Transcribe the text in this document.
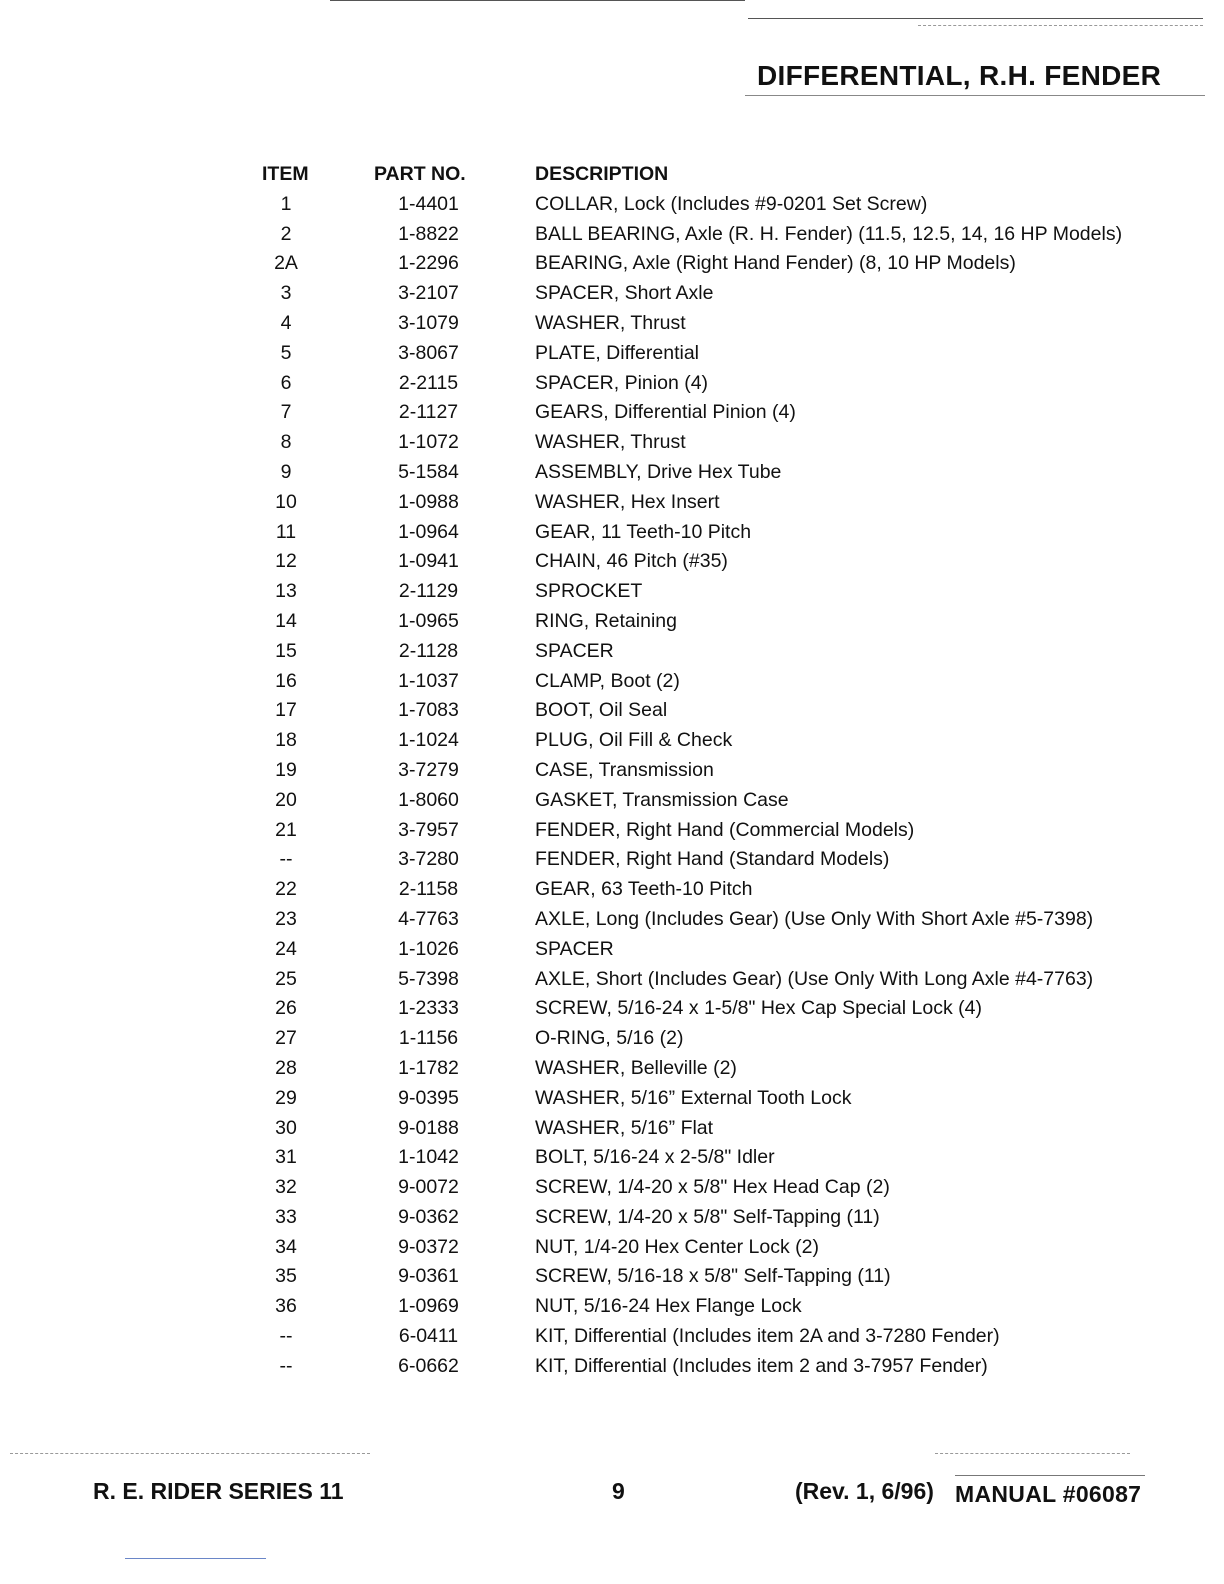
DIFFERENTIAL, R.H. FENDER
ITEM	PART NO.	DESCRIPTION
1	1-4401	COLLAR, Lock (Includes #9-0201 Set Screw)
2	1-8822	BALL BEARING, Axle (R. H. Fender) (11.5, 12.5, 14, 16 HP Models)
2A	1-2296	BEARING, Axle (Right Hand Fender) (8, 10 HP Models)
3	3-2107	SPACER, Short Axle
4	3-1079	WASHER, Thrust
5	3-8067	PLATE, Differential
6	2-2115	SPACER, Pinion (4)
7	2-1127	GEARS, Differential Pinion (4)
8	1-1072	WASHER, Thrust
9	5-1584	ASSEMBLY, Drive Hex Tube
10	1-0988	WASHER, Hex Insert
11	1-0964	GEAR, 11 Teeth-10 Pitch
12	1-0941	CHAIN, 46 Pitch (#35)
13	2-1129	SPROCKET
14	1-0965	RING, Retaining
15	2-1128	SPACER
16	1-1037	CLAMP, Boot (2)
17	1-7083	BOOT, Oil Seal
18	1-1024	PLUG, Oil Fill & Check
19	3-7279	CASE, Transmission
20	1-8060	GASKET, Transmission Case
21	3-7957	FENDER, Right Hand (Commercial Models)
--	3-7280	FENDER, Right Hand (Standard Models)
22	2-1158	GEAR, 63 Teeth-10 Pitch
23	4-7763	AXLE, Long (Includes Gear) (Use Only With Short Axle #5-7398)
24	1-1026	SPACER
25	5-7398	AXLE, Short (Includes Gear) (Use Only With Long Axle #4-7763)
26	1-2333	SCREW, 5/16-24 x 1-5/8" Hex Cap Special Lock (4)
27	1-1156	O-RING, 5/16 (2)
28	1-1782	WASHER, Belleville (2)
29	9-0395	WASHER, 5/16” External Tooth Lock
30	9-0188	WASHER, 5/16” Flat
31	1-1042	BOLT, 5/16-24 x 2-5/8" Idler
32	9-0072	SCREW, 1/4-20 x 5/8" Hex Head Cap (2)
33	9-0362	SCREW, 1/4-20 x 5/8" Self-Tapping (11)
34	9-0372	NUT, 1/4-20 Hex Center Lock (2)
35	9-0361	SCREW, 5/16-18 x 5/8" Self-Tapping (11)
36	1-0969	NUT, 5/16-24 Hex Flange Lock
--	6-0411	KIT, Differential (Includes item 2A and 3-7280 Fender)
--	6-0662	KIT, Differential (Includes item 2 and 3-7957 Fender)
R. E. RIDER SERIES 11	9	(Rev. 1, 6/96) MANUAL #06087
